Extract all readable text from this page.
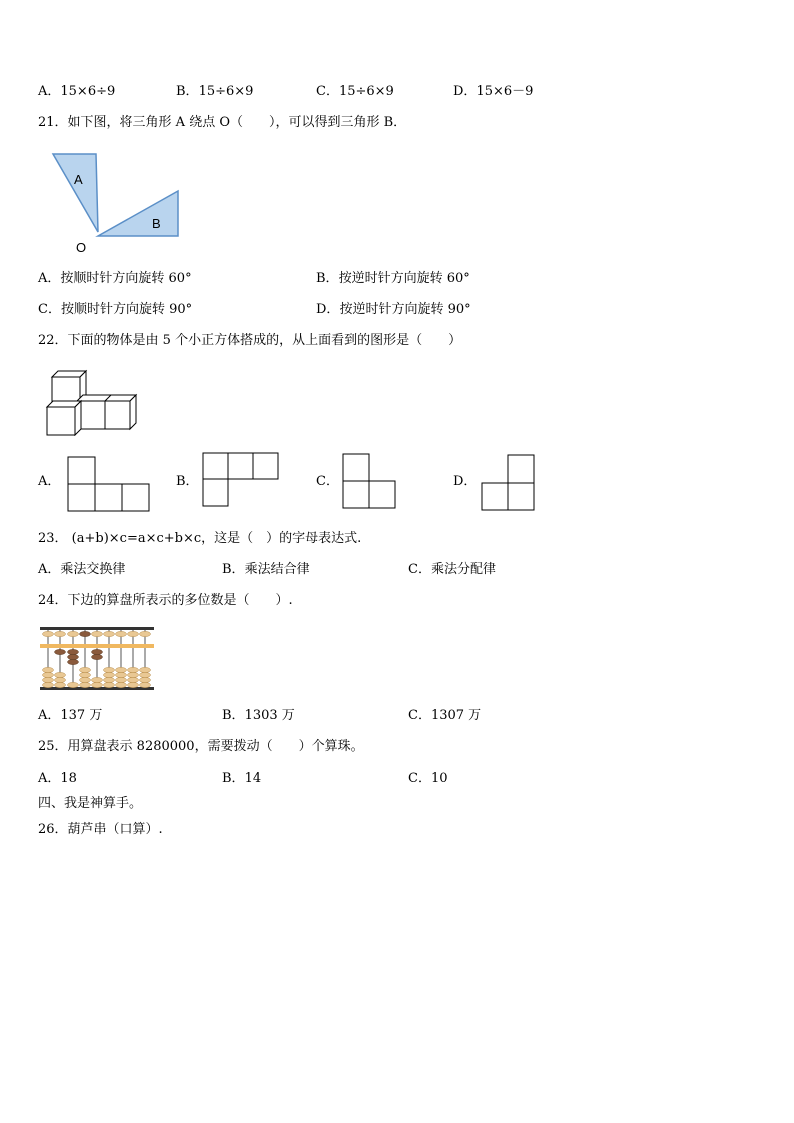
A．15×6÷9	B．15÷6×9	C．15÷6×9	D．15×6－9
21．如下图，将三角形 A 绕点 O（　　），可以得到三角形 B．
A
B
O
A．按顺时针方向旋转 60°	B．按逆时针方向旋转 60°
C．按顺时针方向旋转 90°	D．按逆时针方向旋转 90°
22．下面的物体是由 5 个小正方体搭成的，从上面看到的图形是（　　）
A．	B．	C．	D．
23． (a+b)×c=a×c+b×c，这是（　）的字母表达式.
A．乘法交换律	B．乘法结合律	C．乘法分配律
24．下边的算盘所表示的多位数是（　　）.
A．137 万	B．1303 万	C．1307 万
25．用算盘表示 8280000，需要拨动（　　）个算珠。
A．18	B．14	C．10
四、我是神算手。
26．葫芦串（口算）.
